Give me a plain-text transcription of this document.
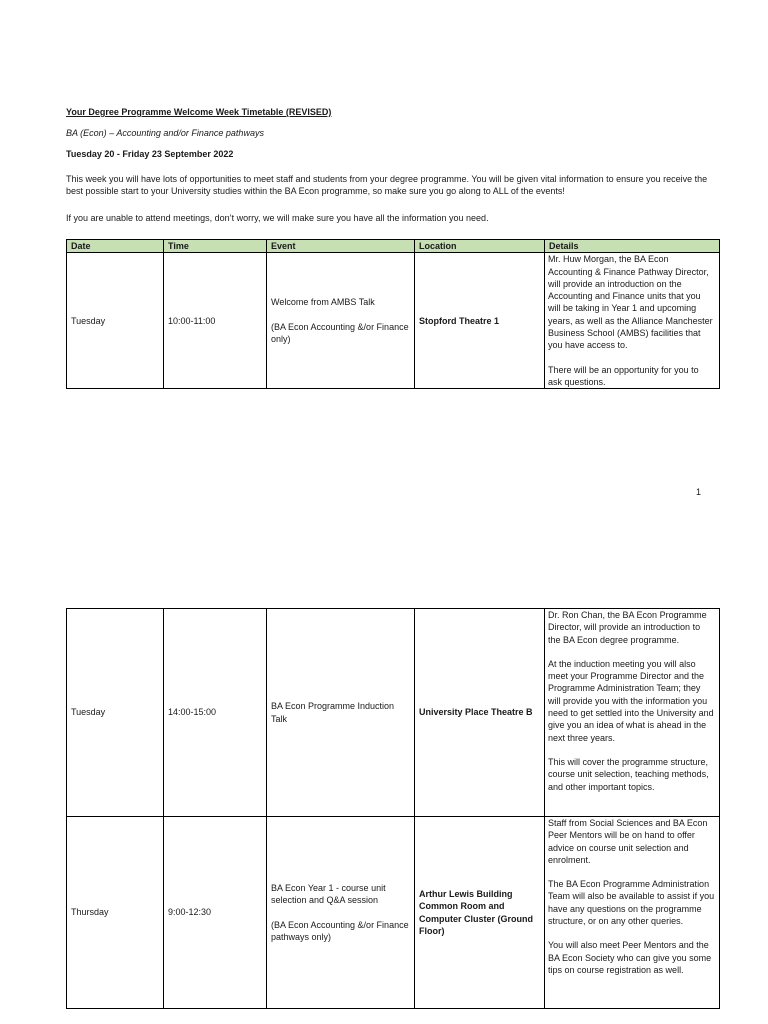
Your Degree Programme Welcome Week Timetable (REVISED)

BA (Econ) – Accounting and/or Finance pathways

Tuesday 20 - Friday 23 September 2022

This week you will have lots of opportunities to meet staff and students from your degree programme. You will be given vital information to ensure you receive the best possible start to your University studies within the BA Econ programme, so make sure you go along to ALL of the events!

If you are unable to attend meetings, don’t worry, we will make sure you have all the information you need.

Date	Time	Event	Location	Details
Tuesday	10:00-11:00	Welcome from AMBS Talk
(BA Econ Accounting &/or Finance only)	Stopford Theatre 1	Mr. Huw Morgan, the BA Econ Accounting & Finance Pathway Director, will provide an introduction on the Accounting and Finance units that you will be taking in Year 1 and upcoming years, as well as the Alliance Manchester Business School (AMBS) facilities that you have access to.
There will be an opportunity for you to ask questions.

1

Tuesday	14:00-15:00	BA Econ Programme Induction Talk	University Place Theatre B	Dr. Ron Chan, the BA Econ Programme Director, will provide an introduction to the BA Econ degree programme.
At the induction meeting you will also meet your Programme Director and the Programme Administration Team; they will provide you with the information you need to get settled into the University and give you an idea of what is ahead in the next three years.
This will cover the programme structure, course unit selection, teaching methods, and other important topics.

Thursday	9:00-12:30	BA Econ Year 1 - course unit selection and Q&A session
(BA Econ Accounting &/or Finance pathways only)	Arthur Lewis Building Common Room and Computer Cluster (Ground Floor)	Staff from Social Sciences and BA Econ Peer Mentors will be on hand to offer advice on course unit selection and enrolment.
The BA Econ Programme Administration Team will also be available to assist if you have any questions on the programme structure, or on any other queries.
You will also meet Peer Mentors and the BA Econ Society who can give you some tips on course registration as well.
